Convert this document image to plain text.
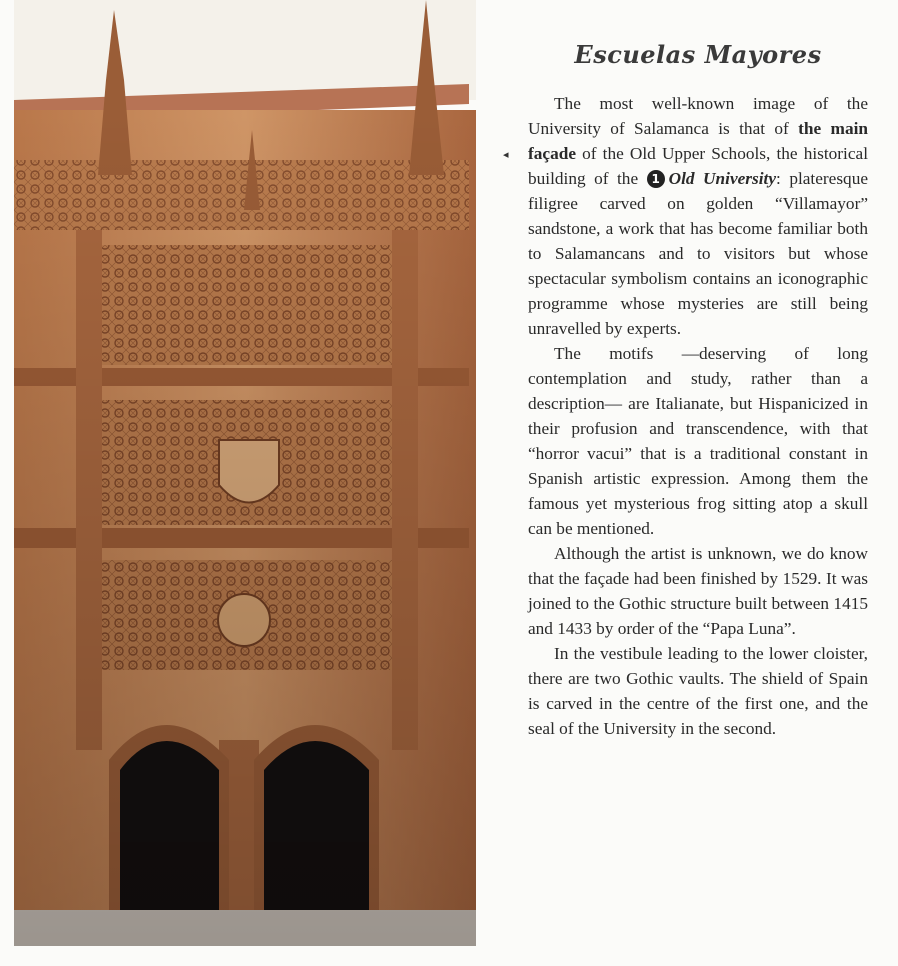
◂
Escuelas Mayores

The most well-known image of the University of Salamanca is that of the main façade of the Old Upper Schools, the historical building of the 1 Old University: plateresque filigree carved on golden “Villamayor” sandstone, a work that has become familiar both to Salamancans and to visitors but whose spectacular symbolism contains an iconographic programme whose mysteries are still being unravelled by experts.

The motifs —deserving of long contemplation and study, rather than a description— are Italianate, but Hispanicized in their profusion and transcendence, with that “horror vacui” that is a traditional constant in Spanish artistic expression. Among them the famous yet mysterious frog sitting atop a skull can be mentioned.

Although the artist is unknown, we do know that the façade had been finished by 1529. It was joined to the Gothic structure built between 1415 and 1433 by order of the “Papa Luna”.

In the vestibule leading to the lower cloister, there are two Gothic vaults. The shield of Spain is carved in the centre of the first one, and the seal of the University in the second.
